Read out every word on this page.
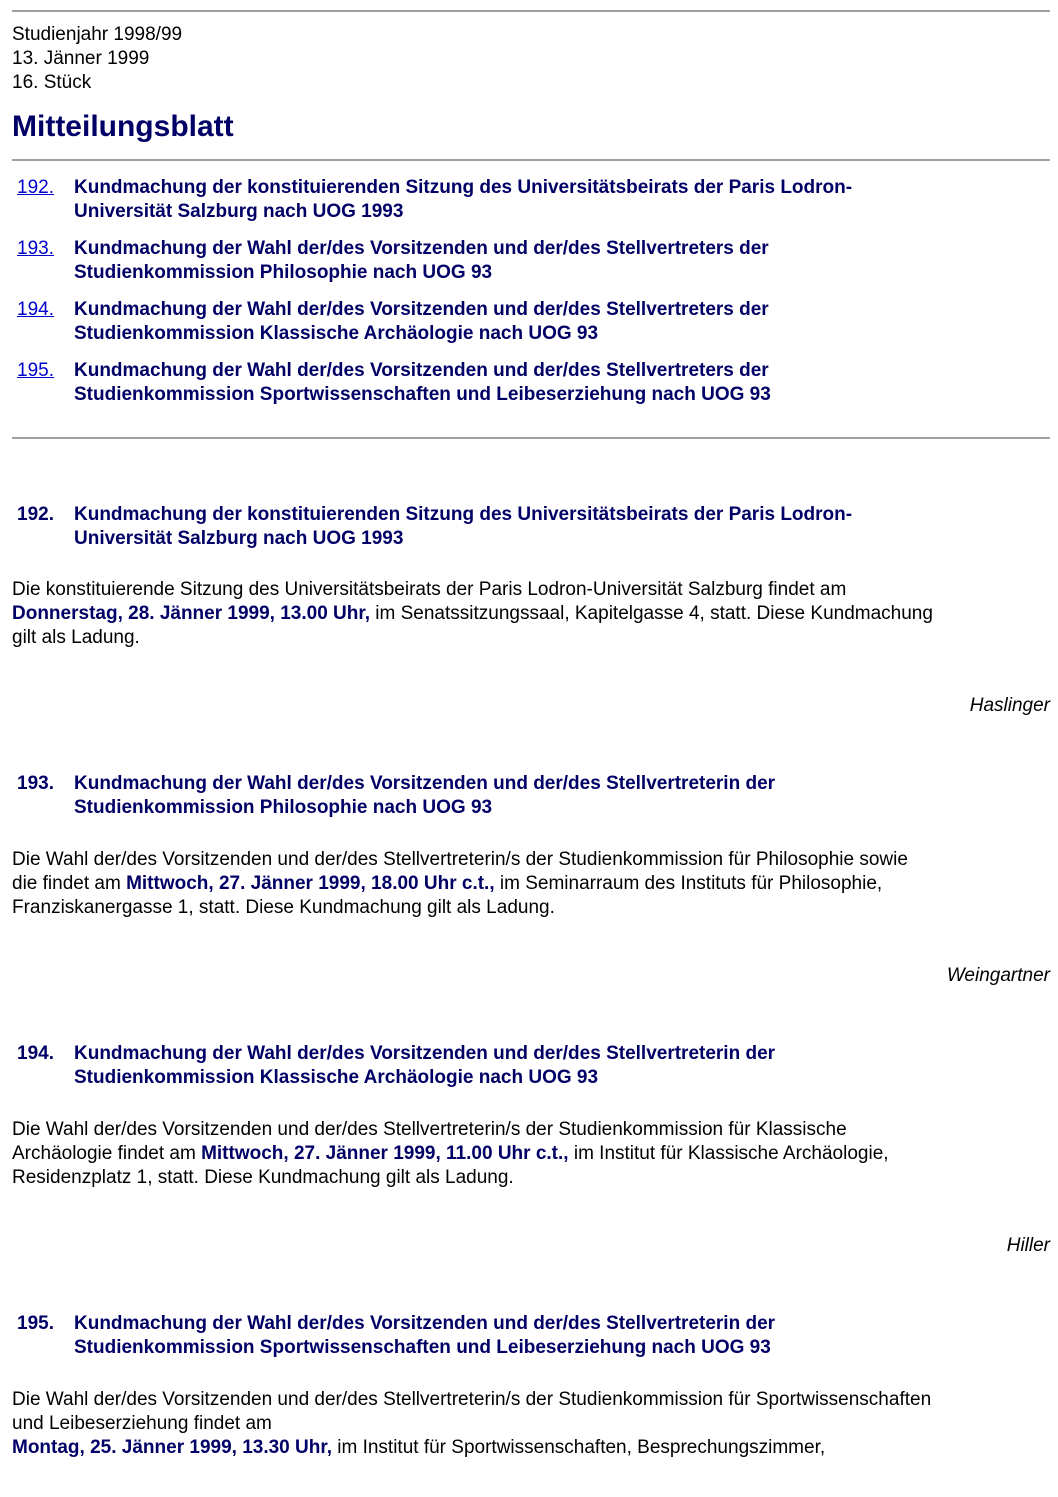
Studienjahr 1998/99
13. Jänner 1999
16. Stück
Mitteilungsblatt
192.	Kundmachung der konstituierenden Sitzung des Universitätsbeirats der Paris Lodron-
Universität Salzburg nach UOG 1993
193.	Kundmachung der Wahl der/des Vorsitzenden und der/des Stellvertreters der
Studienkommission Philosophie nach UOG 93
194.	Kundmachung der Wahl der/des Vorsitzenden und der/des Stellvertreters der
Studienkommission Klassische Archäologie nach UOG 93
195.	Kundmachung der Wahl der/des Vorsitzenden und der/des Stellvertreters der
Studienkommission Sportwissenschaften und Leibeserziehung nach UOG 93
192.	Kundmachung der konstituierenden Sitzung des Universitätsbeirats der Paris Lodron-
Universität Salzburg nach UOG 1993

Die konstituierende Sitzung des Universitätsbeirats der Paris Lodron-Universität Salzburg findet am
Donnerstag, 28. Jänner 1999, 13.00 Uhr, im Senatssitzungssaal, Kapitelgasse 4, statt. Diese Kundmachung
gilt als Ladung.

Haslinger
193.	Kundmachung der Wahl der/des Vorsitzenden und der/des Stellvertreterin der
Studienkommission Philosophie nach UOG 93

Die Wahl der/des Vorsitzenden und der/des Stellvertreterin/s der Studienkommission für Philosophie sowie
die findet am Mittwoch, 27. Jänner 1999, 18.00 Uhr c.t., im Seminarraum des Instituts für Philosophie,
Franziskanergasse 1, statt. Diese Kundmachung gilt als Ladung.

Weingartner
194.	Kundmachung der Wahl der/des Vorsitzenden und der/des Stellvertreterin der
Studienkommission Klassische Archäologie nach UOG 93

Die Wahl der/des Vorsitzenden und der/des Stellvertreterin/s der Studienkommission für Klassische
Archäologie findet am Mittwoch, 27. Jänner 1999, 11.00 Uhr c.t., im Institut für Klassische Archäologie,
Residenzplatz 1, statt. Diese Kundmachung gilt als Ladung.

Hiller
195.	Kundmachung der Wahl der/des Vorsitzenden und der/des Stellvertreterin der
Studienkommission Sportwissenschaften und Leibeserziehung nach UOG 93

Die Wahl der/des Vorsitzenden und der/des Stellvertreterin/s der Studienkommission für Sportwissenschaften
und Leibeserziehung findet am
Montag, 25. Jänner 1999, 13.30 Uhr, im Institut für Sportwissenschaften, Besprechungszimmer,
